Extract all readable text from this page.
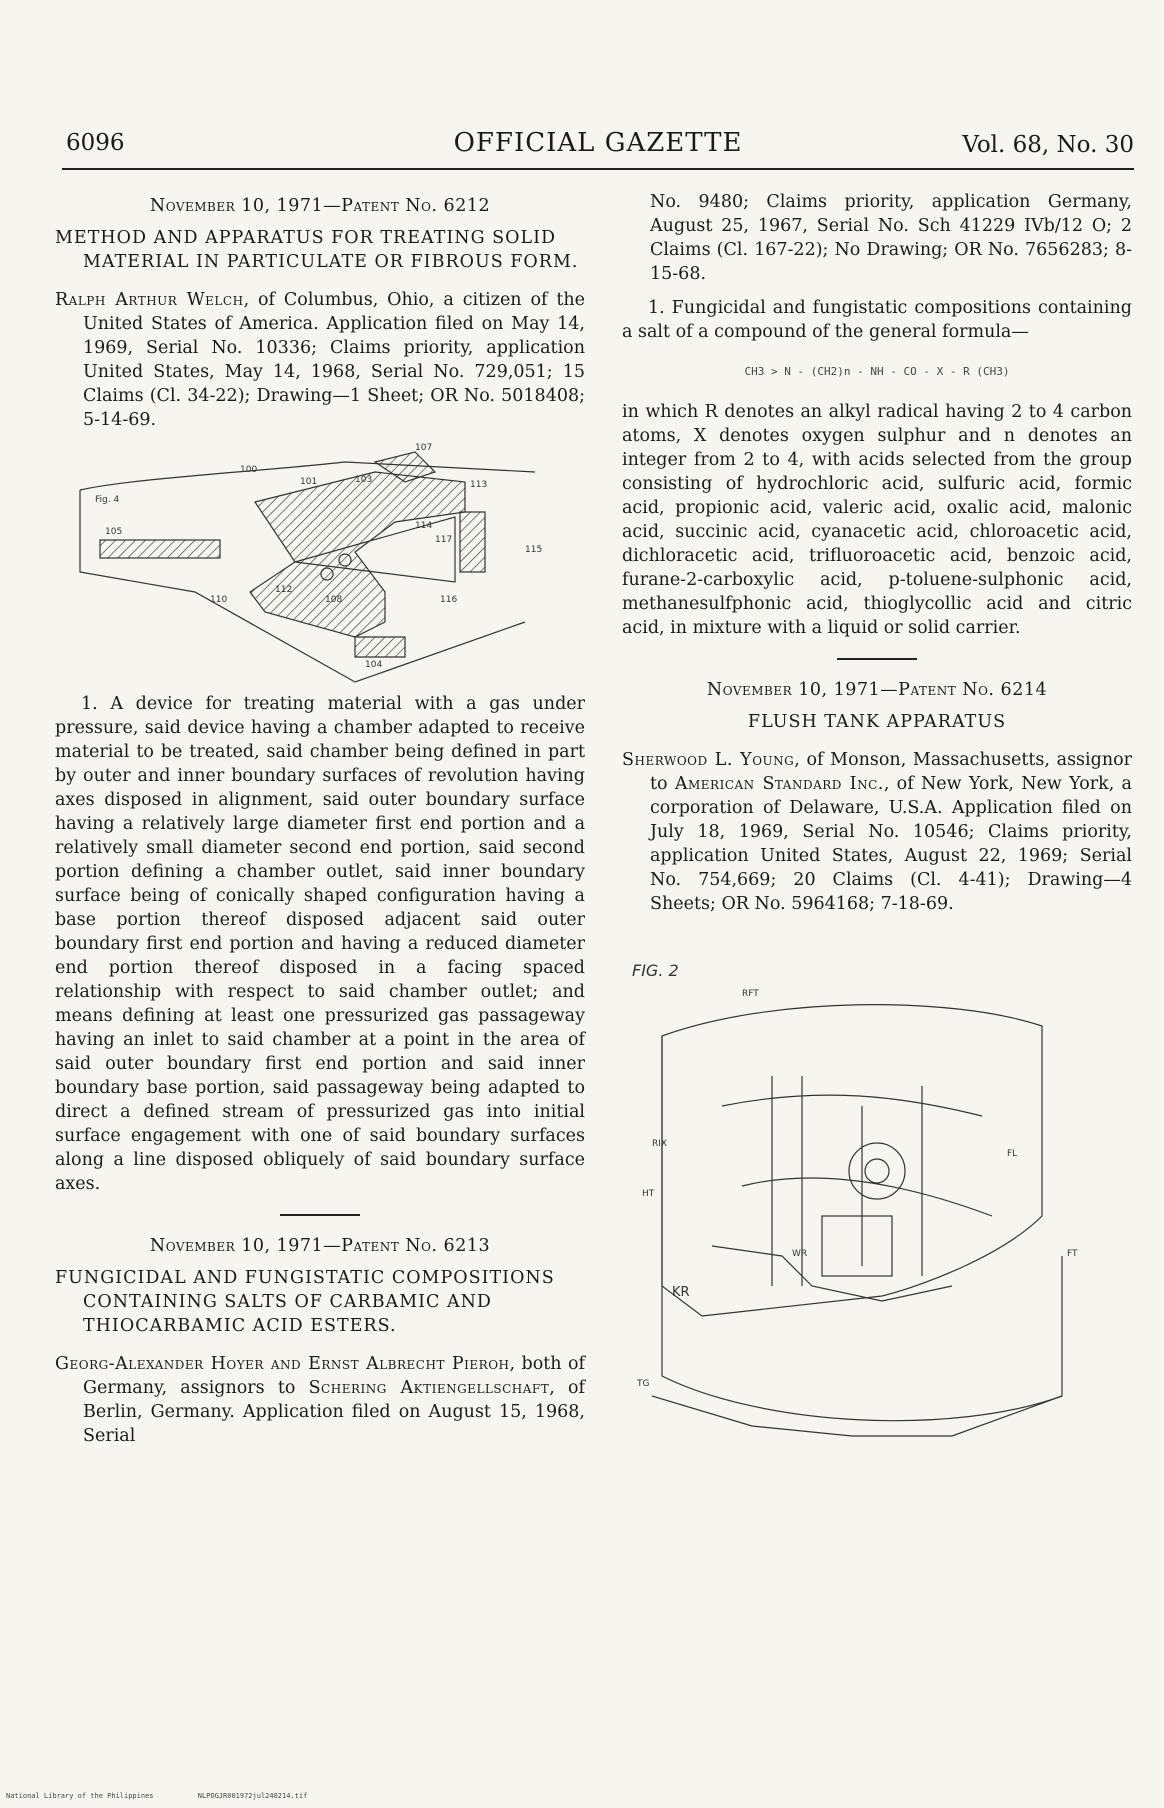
6096	OFFICIAL GAZETTE	Vol. 68, No. 30
November 10, 1971—Patent No. 6212
METHOD AND APPARATUS FOR TREATING SOLID MATERIAL IN PARTICULATE OR FIBROUS FORM.

Ralph Arthur Welch, of Columbus, Ohio, a citizen of the United States of America. Application filed on May 14, 1969, Serial No. 10336; Claims priority, application United States, May 14, 1968, Serial No. 729,051; 15 Claims (Cl. 34-22); Drawing—1 Sheet; OR No. 5018408; 5-14-69.

Fig. 4
100
101	103
105
107
108
110
112
114
116
117
113
115
104

1. A device for treating material with a gas under pressure, said device having a chamber adapted to receive material to be treated, said chamber being defined in part by outer and inner boundary surfaces of revolution having axes disposed in alignment, said outer boundary surface having a relatively large diameter first end portion and a relatively small diameter second end portion, said second portion defining a chamber outlet, said inner boundary surface being of conically shaped configuration having a base portion thereof disposed adjacent said outer boundary first end portion and having a reduced diameter end portion thereof disposed in a facing spaced relationship with respect to said chamber outlet; and means defining at least one pressurized gas passageway having an inlet to said chamber at a point in the area of said outer boundary first end portion and said inner boundary base portion, said passageway being adapted to direct a defined stream of pressurized gas into initial surface engagement with one of said boundary surfaces along a line disposed obliquely of said boundary surface axes.

November 10, 1971—Patent No. 6213
FUNGICIDAL AND FUNGISTATIC COMPOSITIONS CONTAINING SALTS OF CARBAMIC AND THIOCARBAMIC ACID ESTERS.

Georg-Alexander Hoyer and Ernst Albrecht Pieroh, both of Germany, assignors to Schering Aktiengellschaft, of Berlin, Germany. Application filed on August 15, 1968, Serial

No. 9480; Claims priority, application Germany, August 25, 1967, Serial No. Sch 41229 IVb/12 O; 2 Claims (Cl. 167-22); No Drawing; OR No. 7656283; 8-15-68.

1. Fungicidal and fungistatic compositions containing a salt of a compound of the general formula—

CH3 > N - (CH2)n - NH - CO - X - R (CH3)

in which R denotes an alkyl radical having 2 to 4 carbon atoms, X denotes oxygen sulphur and n denotes an integer from 2 to 4, with acids selected from the group consisting of hydrochloric acid, sulfuric acid, formic acid, propionic acid, valeric acid, oxalic acid, malonic acid, succinic acid, cyanacetic acid, chloroacetic acid, dichloracetic acid, trifluoroacetic acid, benzoic acid, furane-2-carboxylic acid, p-toluene-sulphonic acid, methanesulfphonic acid, thioglycollic acid and citric acid, in mixture with a liquid or solid carrier.

November 10, 1971—Patent No. 6214
FLUSH TANK APPARATUS

Sherwood L. Young, of Monson, Massachusetts, assignor to American Standard Inc., of New York, New York, a corporation of Delaware, U.S.A. Application filed on July 18, 1969, Serial No. 10546; Claims priority, application United States, August 22, 1969; Serial No. 754,669; 20 Claims (Cl. 4-41); Drawing—4 Sheets; OR No. 5964168; 7-18-69.

FIG. 2
RFT
RIX
HT
KR
TG
FT
WR
FL
National Library of the Philippines	NLPOGJR001972jul240214.tif
